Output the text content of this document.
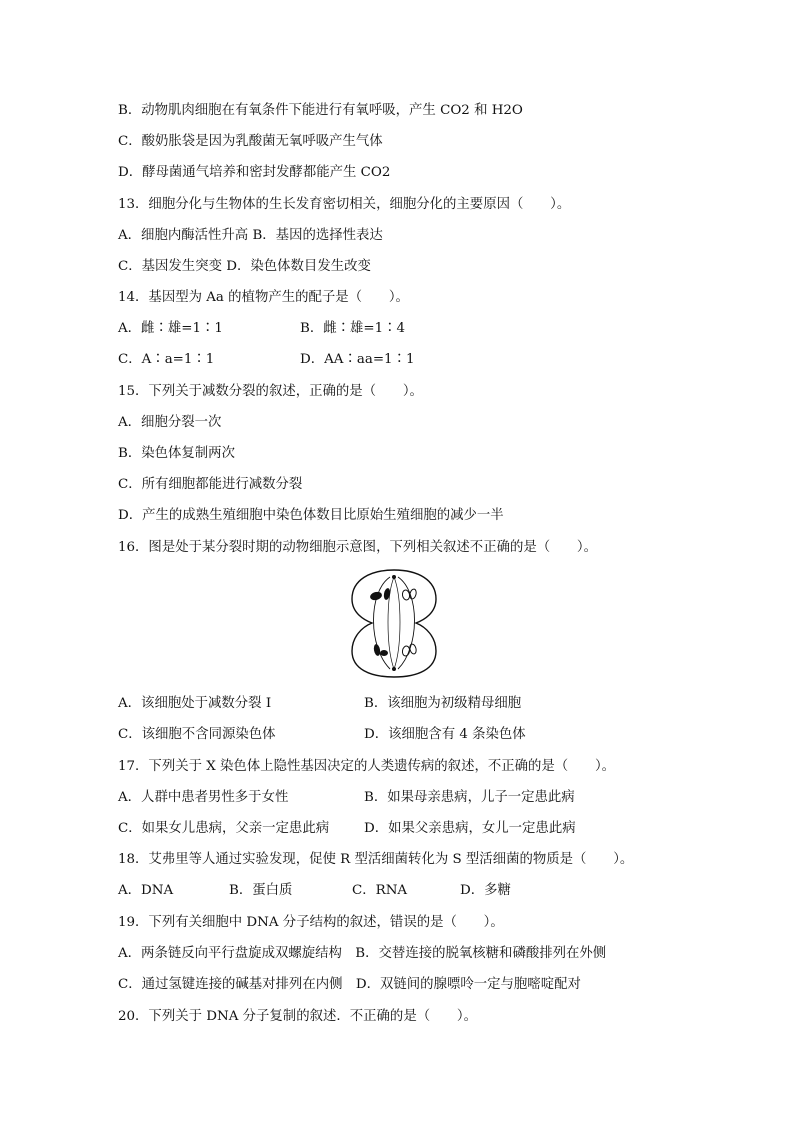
B．动物肌肉细胞在有氧条件下能进行有氧呼吸，产生 CO2 和 H2O
C．酸奶胀袋是因为乳酸菌无氧呼吸产生气体
D．酵母菌通气培养和密封发酵都能产生 CO2
13．细胞分化与生物体的生长发育密切相关，细胞分化的主要原因（　　）。
A．细胞内酶活性升高 B．基因的选择性表达
C．基因发生突变 D．染色体数目发生改变
14．基因型为 Aa 的植物产生的配子是（　　）。
A．雌∶雄=1∶1	B．雌∶雄=1∶4
C．A∶a=1∶1	D．AA∶aa=1∶1
15．下列关于减数分裂的叙述，正确的是（　　）。
A．细胞分裂一次
B．染色体复制两次
C．所有细胞都能进行减数分裂
D．产生的成熟生殖细胞中染色体数目比原始生殖细胞的减少一半
16．图是处于某分裂时期的动物细胞示意图，下列相关叙述不正确的是（　　）。
A．该细胞处于减数分裂 I	B．该细胞为初级精母细胞
C．该细胞不含同源染色体	D．该细胞含有 4 条染色体
17．下列关于 X 染色体上隐性基因决定的人类遗传病的叙述，不正确的是（　　）。
A．人群中患者男性多于女性	B．如果母亲患病，儿子一定患此病
C．如果女儿患病，父亲一定患此病	D．如果父亲患病，女儿一定患此病
18．艾弗里等人通过实验发现，促使 R 型活细菌转化为 S 型活细菌的物质是（　　）。
A．DNA	B．蛋白质	C．RNA	D．多糖
19．下列有关细胞中 DNA 分子结构的叙述，错误的是（　　）。
A．两条链反向平行盘旋成双螺旋结构　B．交替连接的脱氧核糖和磷酸排列在外侧
C．通过氢键连接的碱基对排列在内侧　D．双链间的腺嘌呤一定与胞嘧啶配对
20．下列关于 DNA 分子复制的叙述．不正确的是（　　）。
